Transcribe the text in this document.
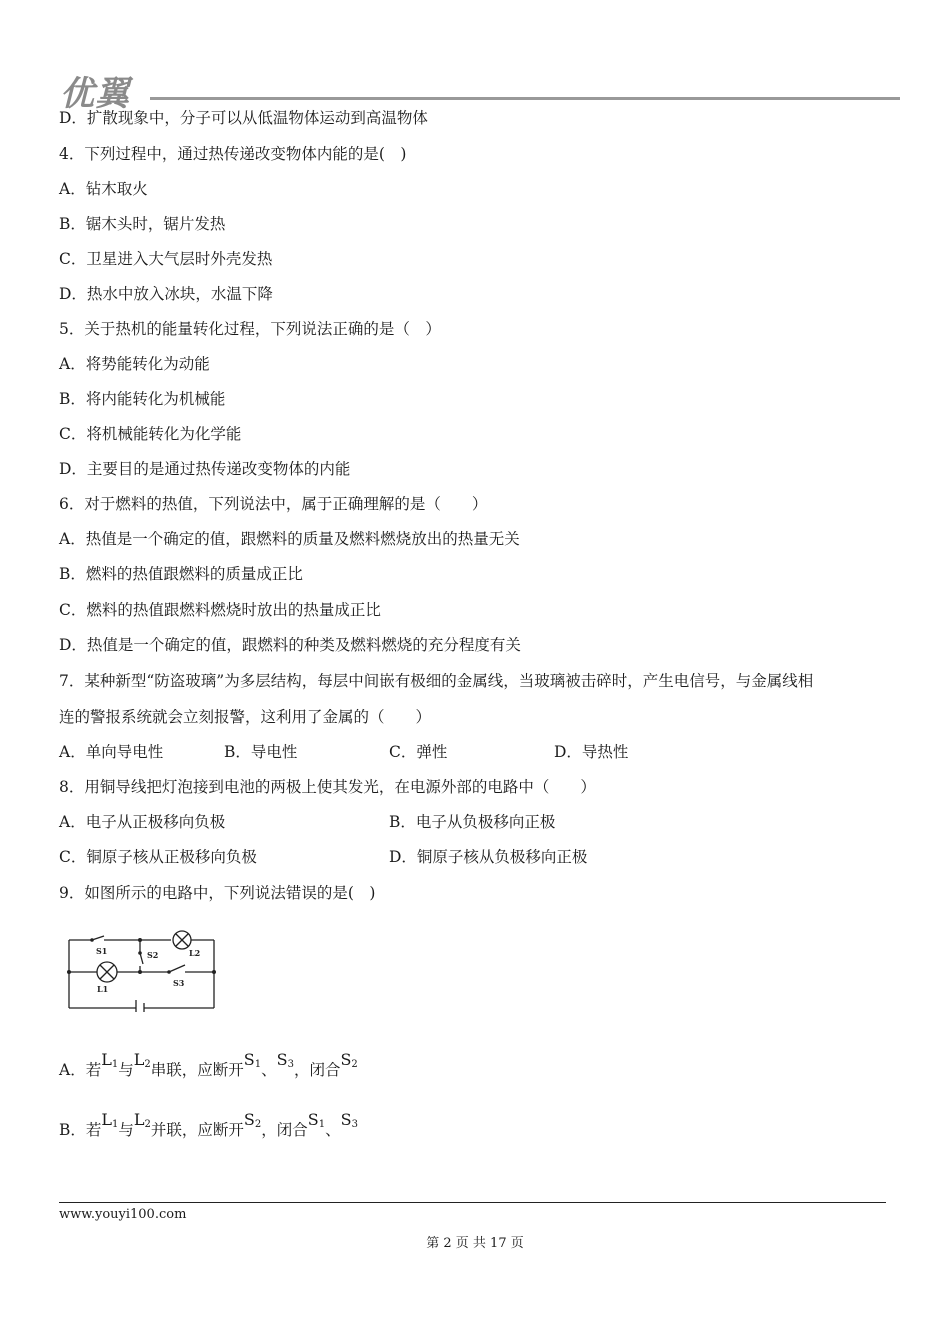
优翼
D．扩散现象中，分子可以从低温物体运动到高温物体
4．下列过程中，通过热传递改变物体内能的是(　)
A．钻木取火
B．锯木头时，锯片发热
C．卫星进入大气层时外壳发热
D．热水中放入冰块，水温下降
5．关于热机的能量转化过程，下列说法正确的是（　）
A．将势能转化为动能
B．将内能转化为机械能
C．将机械能转化为化学能
D．主要目的是通过热传递改变物体的内能
6．对于燃料的热值，下列说法中，属于正确理解的是（　　）
A．热值是一个确定的值，跟燃料的质量及燃料燃烧放出的热量无关
B．燃料的热值跟燃料的质量成正比
C．燃料的热值跟燃料燃烧时放出的热量成正比
D．热值是一个确定的值，跟燃料的种类及燃料燃烧的充分程度有关
7．某种新型“防盗玻璃”为多层结构，每层中间嵌有极细的金属线，当玻璃被击碎时，产生电信号，与金属线相
连的警报系统就会立刻报警，这利用了金属的（　　）
A．单向导电性	B．导电性	C．弹性	D．导热性
8．用铜导线把灯泡接到电池的两极上使其发光，在电源外部的电路中（　　）
A．电子从正极移向负极	B．电子从负极移向正极
C．铜原子核从正极移向负极	D．铜原子核从负极移向正极
9．如图所示的电路中，下列说法错误的是(　)
S1	S2	L2
L1
S3
A．若$L_1$与$L_2$串联，应断开$S_1$、$S_3$，闭合$S_2$
B．若$L_1$与$L_2$并联，应断开$S_2$，闭合$S_1$、$S_3$
www.youyi100.com
第 2 页 共 17 页
